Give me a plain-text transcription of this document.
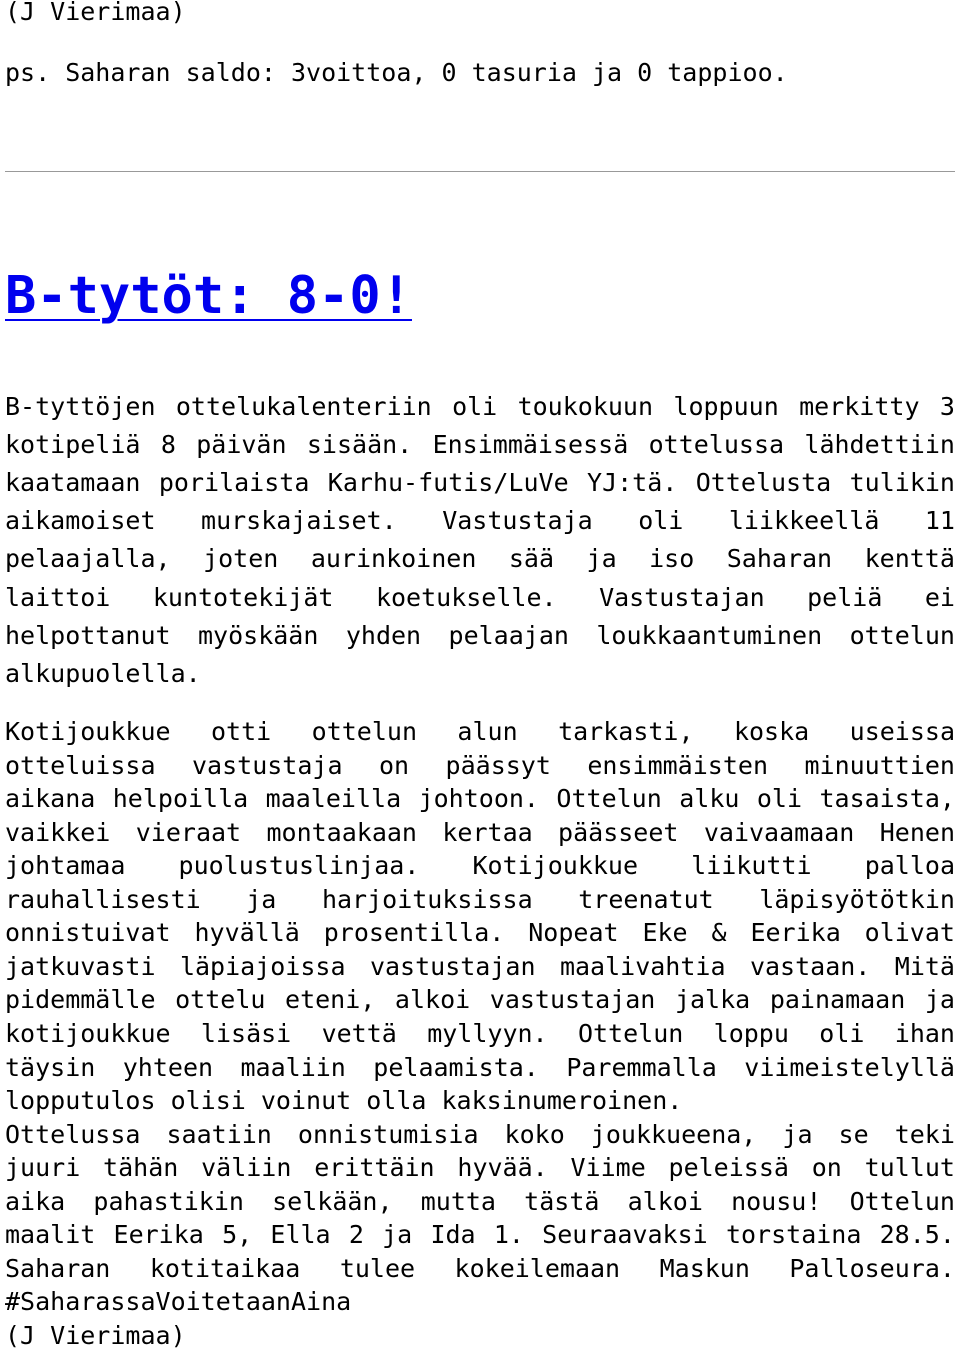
(J Vierimaa)
ps. Saharan saldo: 3voittoa, 0 tasuria ja 0 tappioo.
B-tytöt: 8-0!
B-tyttöjen ottelukalenteriin oli toukokuun loppuun merkitty 3
kotipeliä 8 päivän sisään. Ensimmäisessä ottelussa lähdettiin
kaatamaan porilaista Karhu-futis/LuVe YJ:tä. Ottelusta tulikin
aikamoiset murskajaiset. Vastustaja oli liikkeellä 11
pelaajalla, joten aurinkoinen sää ja iso Saharan kenttä
laittoi kuntotekijät koetukselle. Vastustajan peliä ei
helpottanut myöskään yhden pelaajan loukkaantuminen ottelun
alkupuolella.
Kotijoukkue otti ottelun alun tarkasti, koska useissa
otteluissa vastustaja on päässyt ensimmäisten minuuttien
aikana helpoilla maaleilla johtoon. Ottelun alku oli tasaista,
vaikkei vieraat montaakaan kertaa päässeet vaivaamaan Henen
johtamaa puolustuslinjaa. Kotijoukkue liikutti palloa
rauhallisesti ja harjoituksissa treenatut läpisyötötkin
onnistuivat hyvällä prosentilla. Nopeat Eke & Eerika olivat
jatkuvasti läpiajoissa vastustajan maalivahtia vastaan. Mitä
pidemmälle ottelu eteni, alkoi vastustajan jalka painamaan ja
kotijoukkue lisäsi vettä myllyyn. Ottelun loppu oli ihan
täysin yhteen maaliin pelaamista. Paremmalla viimeistelyllä
lopputulos olisi voinut olla kaksinumeroinen.
Ottelussa saatiin onnistumisia koko joukkueena, ja se teki
juuri tähän väliin erittäin hyvää. Viime peleissä on tullut
aika pahastikin selkään, mutta tästä alkoi nousu! Ottelun
maalit Eerika 5, Ella 2 ja Ida 1. Seuraavaksi torstaina 28.5.
Saharan kotitaikaa tulee kokeilemaan Maskun Palloseura.
#SaharassaVoitetaanAina
(J Vierimaa)
